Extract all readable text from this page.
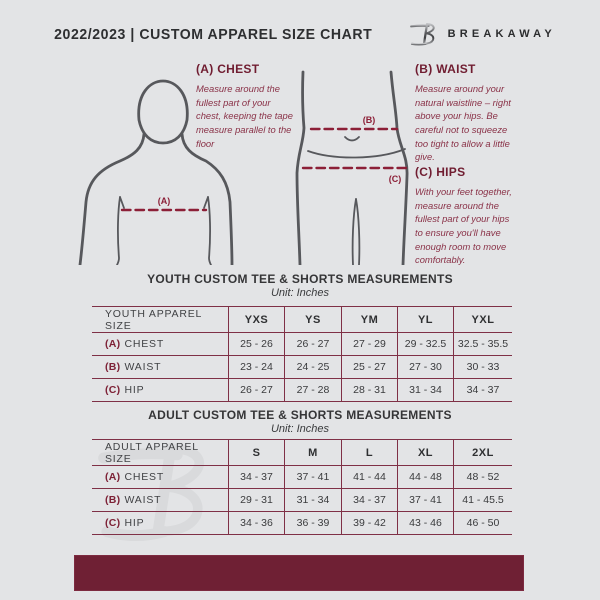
2022/2023 | CUSTOM APPAREL SIZE CHART	BREAKAWAY
(A)
(B)
(C)
(A) CHEST

Measure around the fullest part of your chest, keeping the tape measure parallel to the floor

(B) WAIST

Measure around your natural waistline – right above your hips. Be careful not to squeeze too tight to allow a little give.

(C) HIPS

With your feet together, measure around the fullest part of your hips to ensure you'll have enough room to move comfortably.

YOUTH CUSTOM TEE & SHORTS MEASUREMENTS
Unit: Inches
YOUTH APPAREL SIZE	YXS	YS	YM	YL	YXL
(A) CHEST	25 - 26	26 - 27	27 - 29	29 - 32.5	32.5 - 35.5
(B) WAIST	23 - 24	24 - 25	25 - 27	27 - 30	30 - 33
(C) HIP	26 - 27	27 - 28	28 - 31	31 - 34	34 - 37
ADULT CUSTOM TEE & SHORTS MEASUREMENTS
Unit: Inches
ADULT APPAREL SIZE	S	M	L	XL	2XL
(A) CHEST	34 - 37	37 - 41	41 - 44	44 - 48	48 - 52
(B) WAIST	29 - 31	31 - 34	34 - 37	37 - 41	41 - 45.5
(C) HIP	34 - 36	36 - 39	39 - 42	43 - 46	46 - 50
